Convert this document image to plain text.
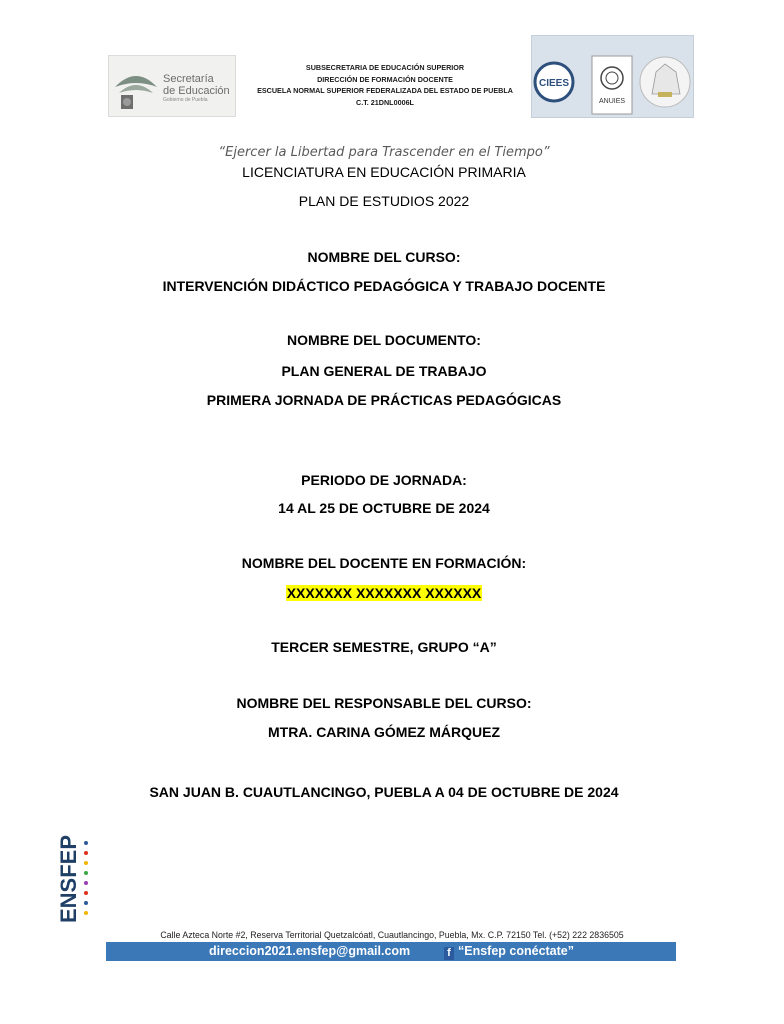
Secretaría
de Educación
Gobierno de Puebla
SUBSECRETARIA DE EDUCACIÓN SUPERIOR
DIRECCIÓN DE FORMACIÓN DOCENTE
ESCUELA NORMAL SUPERIOR FEDERALIZADA DEL ESTADO DE PUEBLA
C.T. 21DNL0006L
CIEES
ANUIES
“Ejercer la Libertad para Trascender en el Tiempo”
LICENCIATURA EN EDUCACIÓN PRIMARIA
PLAN DE ESTUDIOS 2022
NOMBRE DEL CURSO:
INTERVENCIÓN DIDÁCTICO PEDAGÓGICA Y TRABAJO DOCENTE
NOMBRE DEL DOCUMENTO:
PLAN GENERAL DE TRABAJO
PRIMERA JORNADA DE PRÁCTICAS PEDAGÓGICAS
PERIODO DE JORNADA:
14 AL 25 DE OCTUBRE DE 2024
NOMBRE DEL DOCENTE EN FORMACIÓN:
XXXXXXX XXXXXXX XXXXXX
TERCER SEMESTRE, GRUPO “A”
NOMBRE DEL RESPONSABLE DEL CURSO:
MTRA. CARINA GÓMEZ MÁRQUEZ
SAN JUAN B. CUAUTLANCINGO, PUEBLA A 04 DE OCTUBRE DE 2024
ENSFEP
Calle Azteca Norte #2, Reserva Territorial Quetzalcóatl, Cuautlancingo, Puebla, Mx. C.P. 72150 Tel. (+52) 222 2836505
direccion2021.ensfep@gmail.com	f “Ensfep conéctate”
